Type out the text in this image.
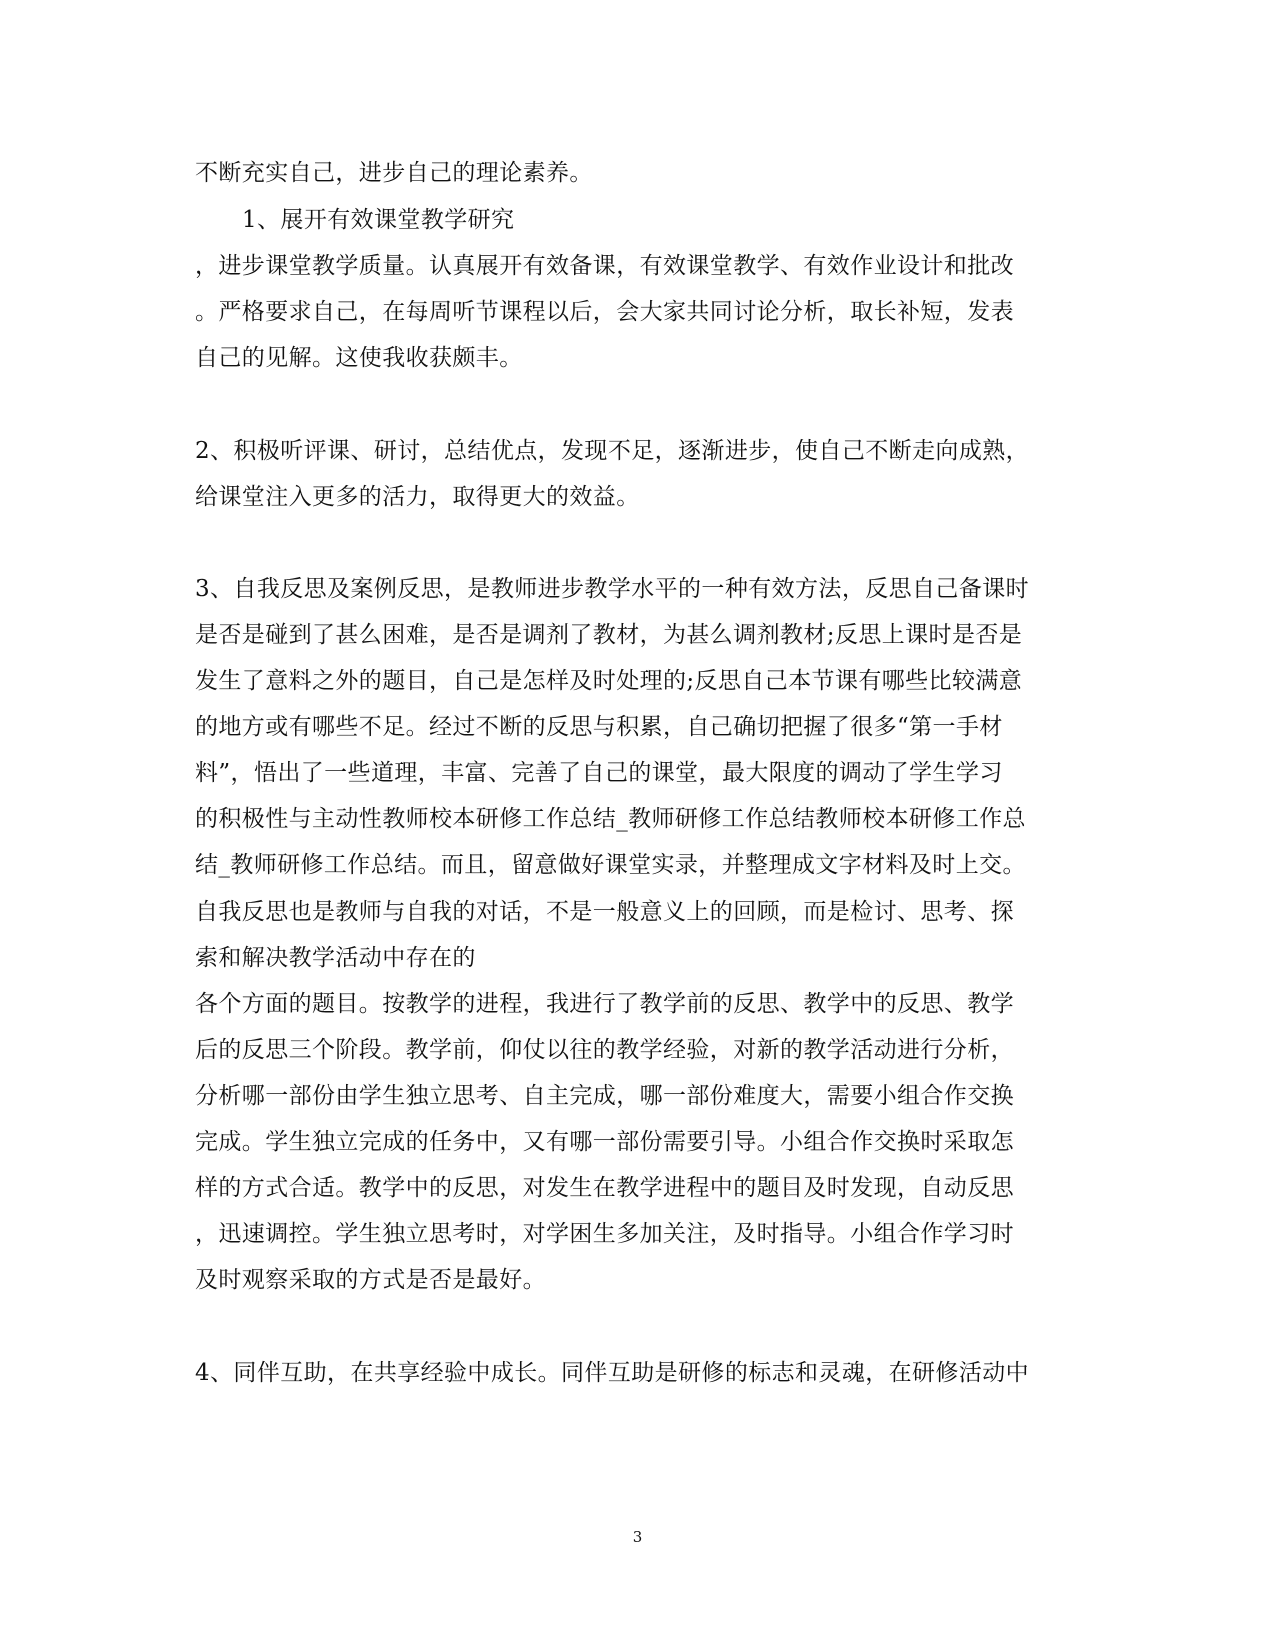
不断充实自己，进步自己的理论素养。
1、展开有效课堂教学研究
，进步课堂教学质量。认真展开有效备课，有效课堂教学、有效作业设计和批改
。严格要求自己，在每周听节课程以后，会大家共同讨论分析，取长补短，发表
自己的见解。这使我收获颇丰。
2、积极听评课、研讨，总结优点，发现不足，逐渐进步，使自己不断走向成熟，
给课堂注入更多的活力，取得更大的效益。
3、自我反思及案例反思，是教师进步教学水平的一种有效方法，反思自己备课时
是否是碰到了甚么困难，是否是调剂了教材，为甚么调剂教材;反思上课时是否是
发生了意料之外的题目，自己是怎样及时处理的;反思自己本节课有哪些比较满意
的地方或有哪些不足。经过不断的反思与积累，自己确切把握了很多“第一手材
料”，悟出了一些道理，丰富、完善了自己的课堂，最大限度的调动了学生学习
的积极性与主动性教师校本研修工作总结_教师研修工作总结教师校本研修工作总
结_教师研修工作总结。而且，留意做好课堂实录，并整理成文字材料及时上交。
自我反思也是教师与自我的对话，不是一般意义上的回顾，而是检讨、思考、探
索和解决教学活动中存在的
各个方面的题目。按教学的进程，我进行了教学前的反思、教学中的反思、教学
后的反思三个阶段。教学前，仰仗以往的教学经验，对新的教学活动进行分析，
分析哪一部份由学生独立思考、自主完成，哪一部份难度大，需要小组合作交换
完成。学生独立完成的任务中，又有哪一部份需要引导。小组合作交换时采取怎
样的方式合适。教学中的反思，对发生在教学进程中的题目及时发现，自动反思
，迅速调控。学生独立思考时，对学困生多加关注，及时指导。小组合作学习时
及时观察采取的方式是否是最好。
4、同伴互助，在共享经验中成长。同伴互助是研修的标志和灵魂，在研修活动中
3
